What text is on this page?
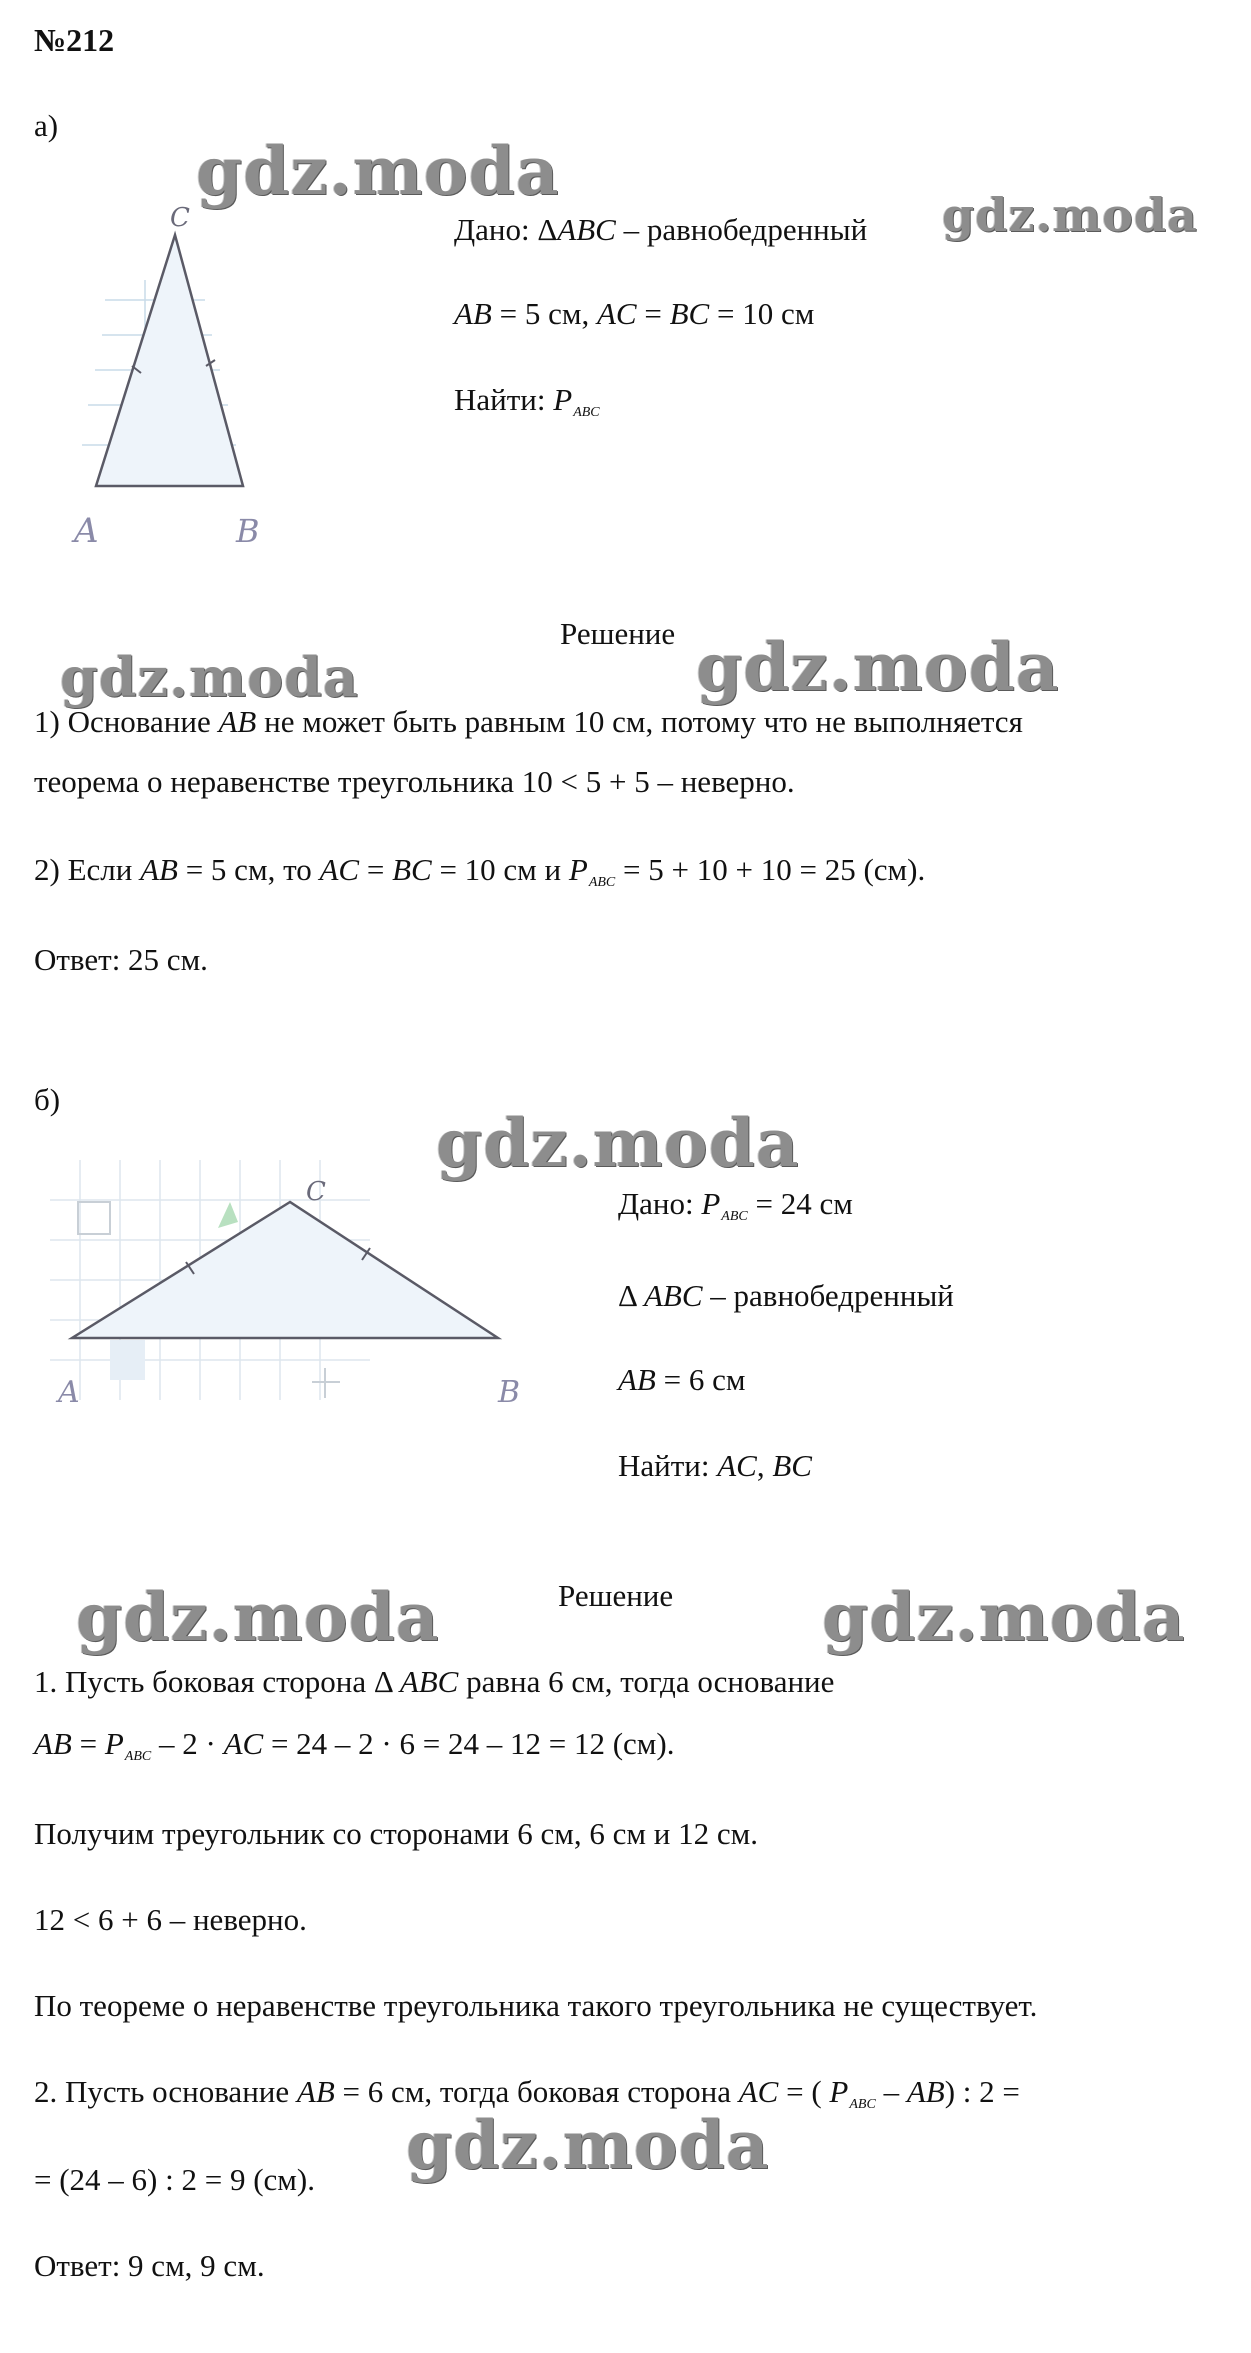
№212
а)
gdz.moda
gdz.moda
C
A	B
Дано: ΔABC – равнобедренный
AB = 5 см, AC = BC = 10 см
Найти: PABC
Решение
gdz.moda	gdz.moda
1) Основание AB не может быть равным 10 см, потому что не выполняется
теорема о неравенстве треугольника 10 < 5 + 5 – неверно.
2) Если AB = 5 см, то AC = BC = 10 см и PABC = 5 + 10 + 10 = 25 (см).
Ответ: 25 см.
б)
gdz.moda
C
A	B
Дано: PABC = 24 см
Δ ABC – равнобедренный
AB = 6 см
Найти: AC, BC
Решение
gdz.moda	gdz.moda
1. Пусть боковая сторона Δ ABC равна 6 см, тогда основание
AB = PABC – 2 · AC = 24 – 2 · 6 = 24 – 12 = 12 (см).
Получим треугольник со сторонами 6 см, 6 см и 12 см.
12 < 6 + 6 – неверно.
По теореме о неравенстве треугольника такого треугольника не существует.
2. Пусть основание AB = 6 см, тогда боковая сторона AC = ( PABC – AB) : 2 =
gdz.moda
= (24 – 6) : 2 = 9 (см).
Ответ: 9 см, 9 см.
